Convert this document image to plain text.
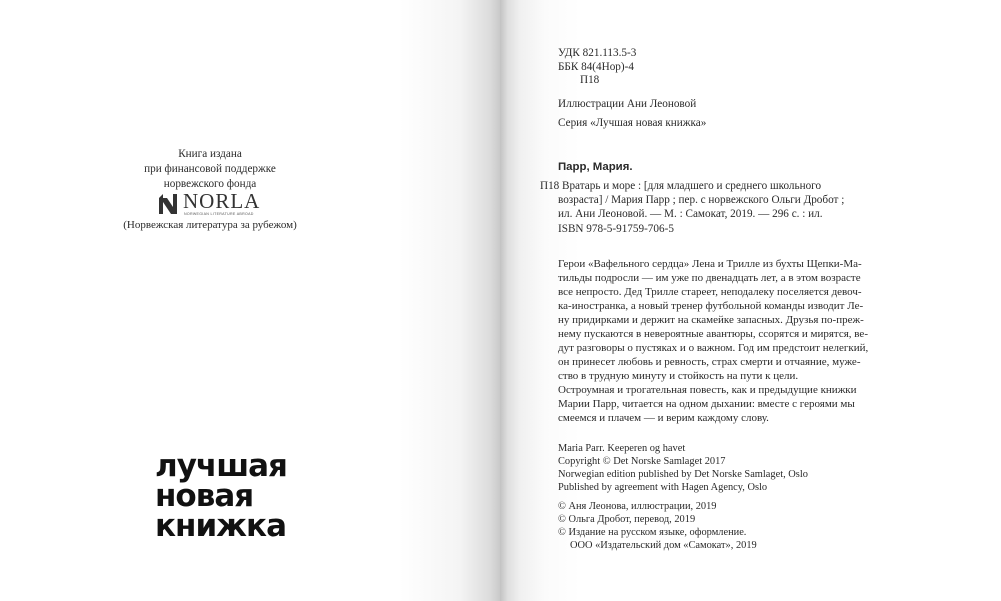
Книга издана
при финансовой поддержке
норвежского фонда
NORLA
NORWEGIAN LITERATURE ABROAD
(Норвежская литература за рубежом)
лучшая
новая
книжка
УДК 821.113.5-3
ББК 84(4Нор)-4
П18
Иллюстрации Ани Леоновой
Серия «Лучшая новая книжка»
Парр, Мария.
П18 Вратарь и море : [для младшего и среднего школьного
возраста] / Мария Парр ; пер. с норвежского Ольги Дробот ;
ил. Ани Леоновой. — М. : Самокат, 2019. — 296 с. : ил.
ISBN 978-5-91759-706-5
Герои «Вафельного сердца» Лена и Трилле из бухты Щепки-Ма-
тильды подросли — им уже по двенадцать лет, а в этом возрасте
все непросто. Дед Трилле стареет, неподалеку поселяется девоч-
ка-иностранка, а новый тренер футбольной команды изводит Ле-
ну придирками и держит на скамейке запасных. Друзья по-преж-
нему пускаются в невероятные авантюры, ссорятся и мирятся, ве-
дут разговоры о пустяках и о важном. Год им предстоит нелегкий,
он принесет любовь и ревность, страх смерти и отчаяние, муже-
ство в трудную минуту и стойкость на пути к цели.
Остроумная и трогательная повесть, как и предыдущие книжки
Марии Парр, читается на одном дыхании: вместе с героями мы
смеемся и плачем — и верим каждому слову.
Maria Parr. Keeperen og havet
Copyright © Det Norske Samlaget 2017
Norwegian edition published by Det Norske Samlaget, Oslo
Published by agreement with Hagen Agency, Oslo
© Аня Леонова, иллюстрации, 2019
© Ольга Дробот, перевод, 2019
© Издание на русском языке, оформление.
ООО «Издательский дом «Самокат», 2019
